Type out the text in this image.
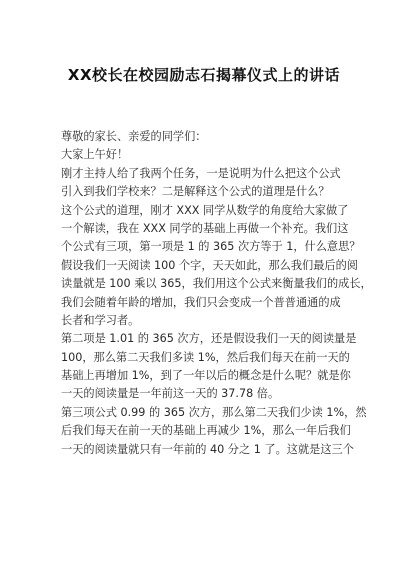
XX校长在校园励志石揭幕仪式上的讲话
尊敬的家长、亲爱的同学们：
大家上午好！
刚才主持人给了我两个任务，一是说明为什么把这个公式
引入到我们学校来？二是解释这个公式的道理是什么？
这个公式的道理，刚才 XXX 同学从数学的角度给大家做了
一个解读，我在 XXX 同学的基础上再做一个补充。我们这
个公式有三项，第一项是 1 的 365 次方等于 1，什么意思？
假设我们一天阅读 100 个字，天天如此，那么我们最后的阅
读量就是 100 乘以 365，我们用这个公式来衡量我们的成长，
我们会随着年龄的增加，我们只会变成一个普普通通的成
长者和学习者。
第二项是 1.01 的 365 次方，还是假设我们一天的阅读量是
100，那么第二天我们多读 1%，然后我们每天在前一天的
基础上再增加 1%，到了一年以后的概念是什么呢？就是你
一天的阅读量是一年前这一天的 37.78 倍。
第三项公式 0.99 的 365 次方，那么第二天我们少读 1%，然
后我们每天在前一天的基础上再减少 1%，那么一年后我们
一天的阅读量就只有一年前的 40 分之 1 了。这就是这三个
